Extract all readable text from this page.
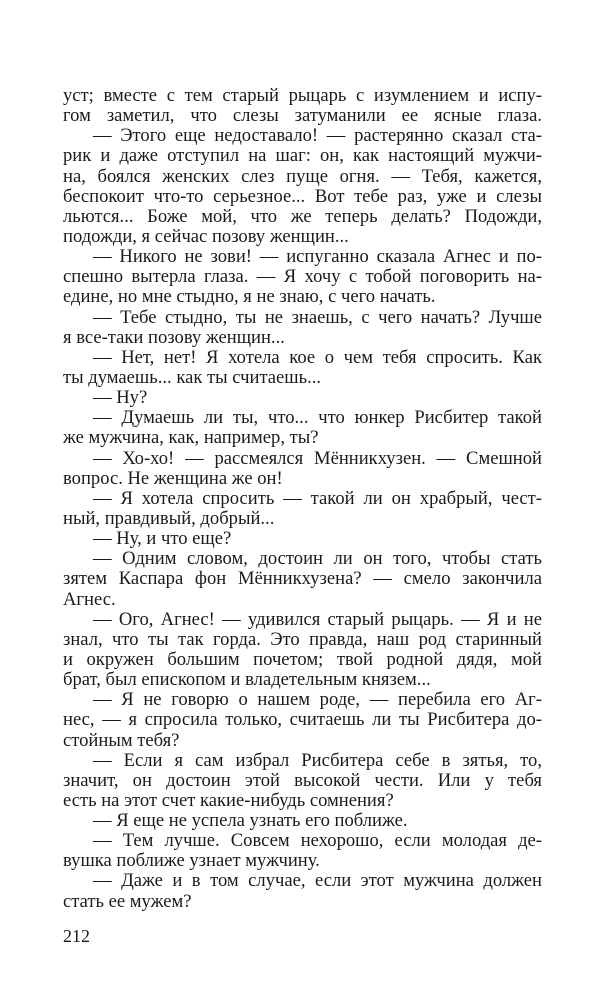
уст; вместе с тем старый рыцарь с изумлением и испу-
гом заметил, что слезы затуманили ее ясные глаза.
— Этого еще недоставало! — растерянно сказал ста-
рик и даже отступил на шаг: он, как настоящий мужчи-
на, боялся женских слез пуще огня. — Тебя, кажется,
беспокоит что-то серьезное... Вот тебе раз, уже и слезы
льются... Боже мой, что же теперь делать? Подожди,
подожди, я сейчас позову женщин...
— Никого не зови! — испуганно сказала Агнес и по-
спешно вытерла глаза. — Я хочу с тобой поговорить на-
едине, но мне стыдно, я не знаю, с чего начать.
— Тебе стыдно, ты не знаешь, с чего начать? Лучше
я все-таки позову женщин...
— Нет, нет! Я хотела кое о чем тебя спросить. Как
ты думаешь... как ты считаешь...
— Ну?
— Думаешь ли ты, что... что юнкер Рисбитер такой
же мужчина, как, например, ты?
— Хо-хо! — рассмеялся Мённикхузен. — Смешной
вопрос. Не женщина же он!
— Я хотела спросить — такой ли он храбрый, чест-
ный, правдивый, добрый...
— Ну, и что еще?
— Одним словом, достоин ли он того, чтобы стать
зятем Каспара фон Мённикхузена? — смело закончила
Агнес.
— Ого, Агнес! — удивился старый рыцарь. — Я и не
знал, что ты так горда. Это правда, наш род старинный
и окружен большим почетом; твой родной дядя, мой
брат, был епископом и владетельным князем...
— Я не говорю о нашем роде, — перебила его Аг-
нес, — я спросила только, считаешь ли ты Рисбитера до-
стойным тебя?
— Если я сам избрал Рисбитера себе в зятья, то,
значит, он достоин этой высокой чести. Или у тебя
есть на этот счет какие-нибудь сомнения?
— Я еще не успела узнать его поближе.
— Тем лучше. Совсем нехорошо, если молодая де-
вушка поближе узнает мужчину.
— Даже и в том случае, если этот мужчина должен
стать ее мужем?
212
